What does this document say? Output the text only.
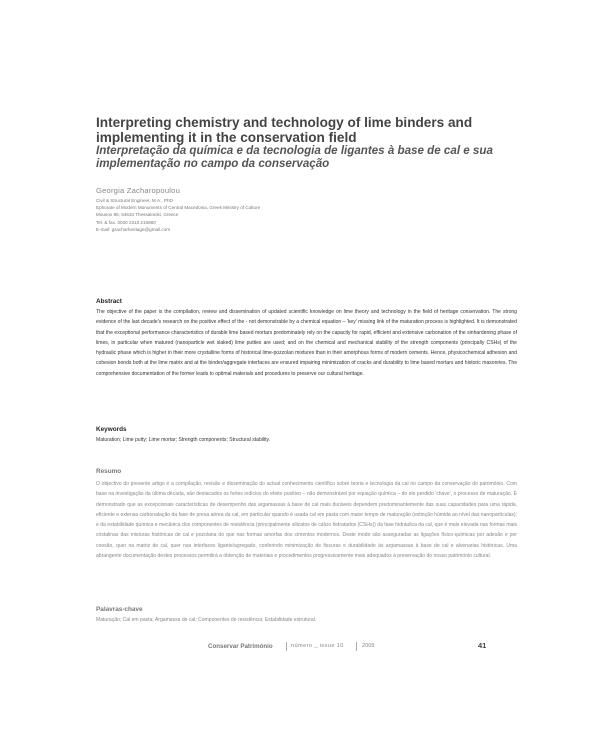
Interpreting chemistry and technology of lime binders and implementing it in the conservation field
Interpretação da química e da tecnologia de ligantes à base de cal e sua implementação no campo da conservação
Georgia Zacharopoulou
Civil & Structural Engineer, M.A., PhD
Ephorate of Modern Monuments of Central Macedonia, Greek Ministry of Culture
Mouson 88, 54634 Thessaloniki, Greece
Tel. & fax. 0030 2310 215880
E-mail: gzacharheritage@gmail.com
Abstract
The objective of the paper is the compilation, review and dissemination of updated scientific knowledge on lime theory and technology in the field of heritage conservation. The strong evidence of the last decade's research on the positive effect of the - not demonstrable by a chemical equation – 'key' missing link of the maturation process is highlighted. It is demonstrated that the exceptional performance characteristics of durable lime based mortars predominately rely on the capacity for rapid, efficient and extensive carbonation of the sinhardening phase of limes, in particular when matured (nanoparticle wet slaked) lime putties are used; and on the chemical and mechanical stability of the strength components (principally CSHs) of the hydraulic phase which is higher in their more crystalline forms of historical lime-pozzolan mixtures than in their amorphous forms of modern cements. Hence, physicochemical adhesion and cohesion bonds both at the lime matrix and at the binder/aggregate interfaces are ensured impairing minimization of cracks and durability to lime based mortars and historic masonries. The comprehensive documentation of the former leads to optimal materials and procedures to preserve our cultural heritage.
Keywords
Maturation; Lime putty; Lime mortar; Strength components; Structural stability.
Resumo
O objectivo do presente artigo é a compilação, revisão e disseminação do actual conhecimento científico sobre teoria e tecnologia da cal no campo da conservação do património. Com base na investigação da última década, são destacados os fortes indícios do efeito positivo – não demonstrável por equação química – do elo perdido 'chave', o processo de maturação. É demonstrado que as excepcionais características de desempenho das argamassas à base de cal mais duráveis dependem predominantemente das suas capacidades para uma rápida, eficiente e extensa carbonatação da fase de presa aérea da cal, em particular quando é usada cal em pasta com maior tempo de maturação (extinção húmida ao nível das nanopartículas); e da estabilidade química e mecânica dos componentes de resistência (principalmente silicatos de cálcio hidratados (CSHs)) da fase hidráulica da cal, que é mais elevada nas formas mais cristalinas das misturas históricas de cal e pozolana do que nas formas amorfas dos cimentos modernos. Deste modo são asseguradas as ligações físico-químicas por adesão e por coesão, quer na matriz de cal, quer nas interfaces ligante/agregado, conferindo minimização de fissuras e durabilidade às argamassas à base de cal e alvenarias históricas. Uma abrangente documentação destes processos permitirá a obtenção de materiais e procedimentos progressivamente mais adequados à preservação do nosso património cultural.
Palavras-chave
Maturação; Cal em pasta; Argamassa de cal; Componentes de resistência; Estabilidade estrutural.
Conservar Património	número _ issue 10	2009	41
